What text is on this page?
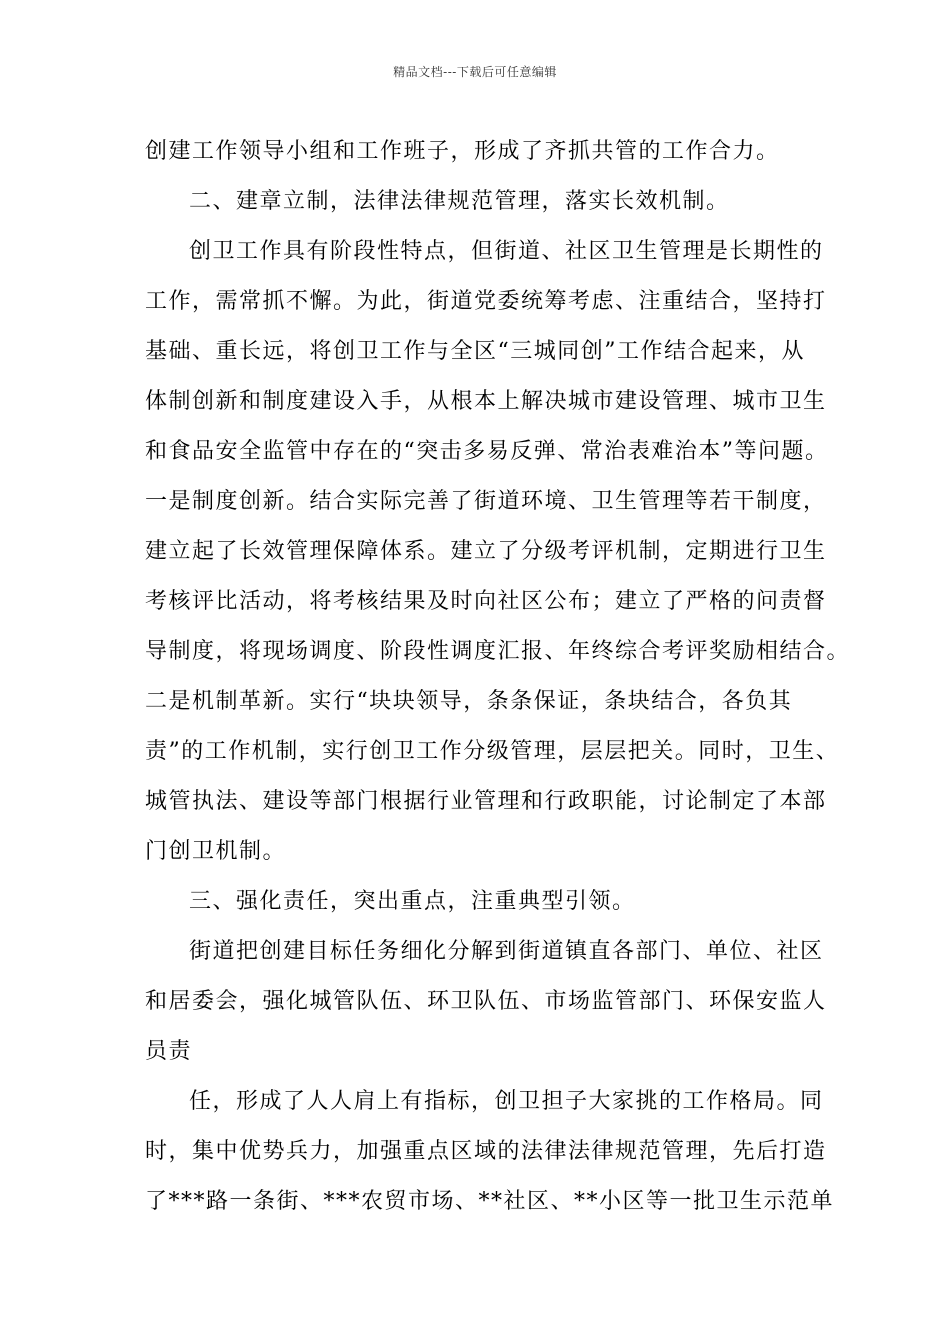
精品文档---下载后可任意编辑
创建工作领导小组和工作班子，形成了齐抓共管的工作合力。
二、建章立制，法律法律规范管理，落实长效机制。
创卫工作具有阶段性特点，但街道、社区卫生管理是长期性的
工作，需常抓不懈。为此，街道党委统筹考虑、注重结合，坚持打
基础、重长远，将创卫工作与全区“三城同创”工作结合起来，从
体制创新和制度建设入手，从根本上解决城市建设管理、城市卫生
和食品安全监管中存在的“突击多易反弹、常治表难治本”等问题。
一是制度创新。结合实际完善了街道环境、卫生管理等若干制度，
建立起了长效管理保障体系。建立了分级考评机制，定期进行卫生
考核评比活动，将考核结果及时向社区公布；建立了严格的问责督
导制度，将现场调度、阶段性调度汇报、年终综合考评奖励相结合。
二是机制革新。实行“块块领导，条条保证，条块结合，各负其
责”的工作机制，实行创卫工作分级管理，层层把关。同时，卫生、
城管执法、建设等部门根据行业管理和行政职能，讨论制定了本部
门创卫机制。
三、强化责任，突出重点，注重典型引领。
街道把创建目标任务细化分解到街道镇直各部门、单位、社区
和居委会，强化城管队伍、环卫队伍、市场监管部门、环保安监人
员责
任，形成了人人肩上有指标，创卫担子大家挑的工作格局。同
时，集中优势兵力，加强重点区域的法律法律规范管理，先后打造
了***路一条街、***农贸市场、**社区、**小区等一批卫生示范单
